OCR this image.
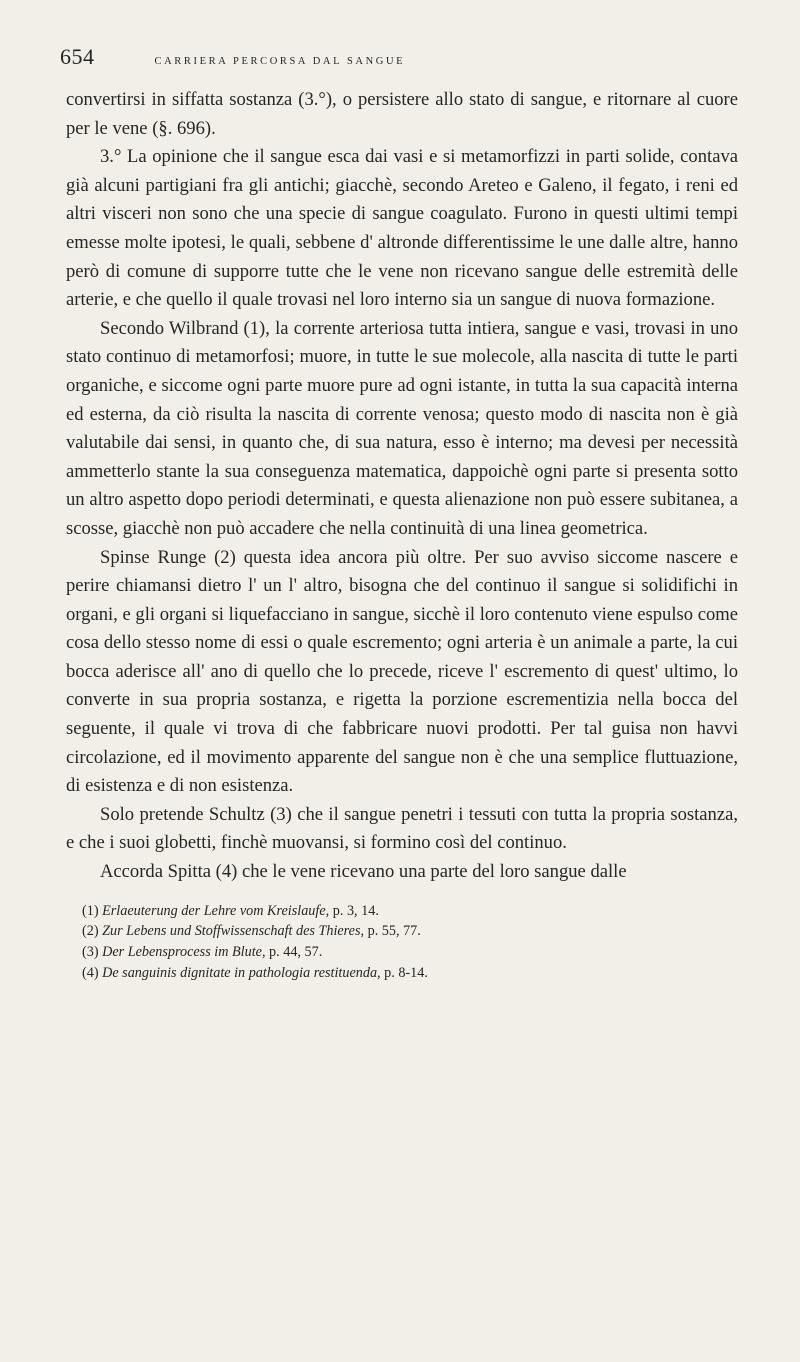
654	CARRIERA PERCORSA DAL SANGUE

convertirsi in siffatta sostanza (3.°), o persistere allo stato di sangue, e ritornare al cuore per le vene (§. 696).

3.° La opinione che il sangue esca dai vasi e si metamorfizzi in parti solide, contava già alcuni partigiani fra gli antichi; giacchè, secondo Areteo e Galeno, il fegato, i reni ed altri visceri non sono che una specie di sangue coagulato. Furono in questi ultimi tempi emesse molte ipotesi, le quali, sebbene d' altronde differentissime le une dalle altre, hanno però di comune di supporre tutte che le vene non ricevano sangue delle estremità delle arterie, e che quello il quale trovasi nel loro interno sia un sangue di nuova formazione.

Secondo Wilbrand (1), la corrente arteriosa tutta intiera, sangue e vasi, trovasi in uno stato continuo di metamorfosi; muore, in tutte le sue molecole, alla nascita di tutte le parti organiche, e siccome ogni parte muore pure ad ogni istante, in tutta la sua capacità interna ed esterna, da ciò risulta la nascita di corrente venosa; questo modo di nascita non è già valutabile dai sensi, in quanto che, di sua natura, esso è interno; ma devesi per necessità ammetterlo stante la sua conseguenza matematica, dappoichè ogni parte si presenta sotto un altro aspetto dopo periodi determinati, e questa alienazione non può essere subitanea, a scosse, giacchè non può accadere che nella continuità di una linea geometrica.

Spinse Runge (2) questa idea ancora più oltre. Per suo avviso siccome nascere e perire chiamansi dietro l' un l' altro, bisogna che del continuo il sangue si solidifichi in organi, e gli organi si liquefacciano in sangue, sicchè il loro contenuto viene espulso come cosa dello stesso nome di essi o quale escremento; ogni arteria è un animale a parte, la cui bocca aderisce all' ano di quello che lo precede, riceve l' escremento di quest' ultimo, lo converte in sua propria sostanza, e rigetta la porzione escrementizia nella bocca del seguente, il quale vi trova di che fabbricare nuovi prodotti. Per tal guisa non havvi circolazione, ed il movimento apparente del sangue non è che una semplice fluttuazione, di esistenza e di non esistenza.

Solo pretende Schultz (3) che il sangue penetri i tessuti con tutta la propria sostanza, e che i suoi globetti, finchè muovansi, si formino così del continuo.

Accorda Spitta (4) che le vene ricevano una parte del loro sangue dalle

(1) Erlaeuterung der Lehre vom Kreislaufe, p. 3, 14.

(2) Zur Lebens und Stoffwissenschaft des Thieres, p. 55, 77.

(3) Der Lebensprocess im Blute, p. 44, 57.

(4) De sanguinis dignitate in pathologia restituenda, p. 8-14.
